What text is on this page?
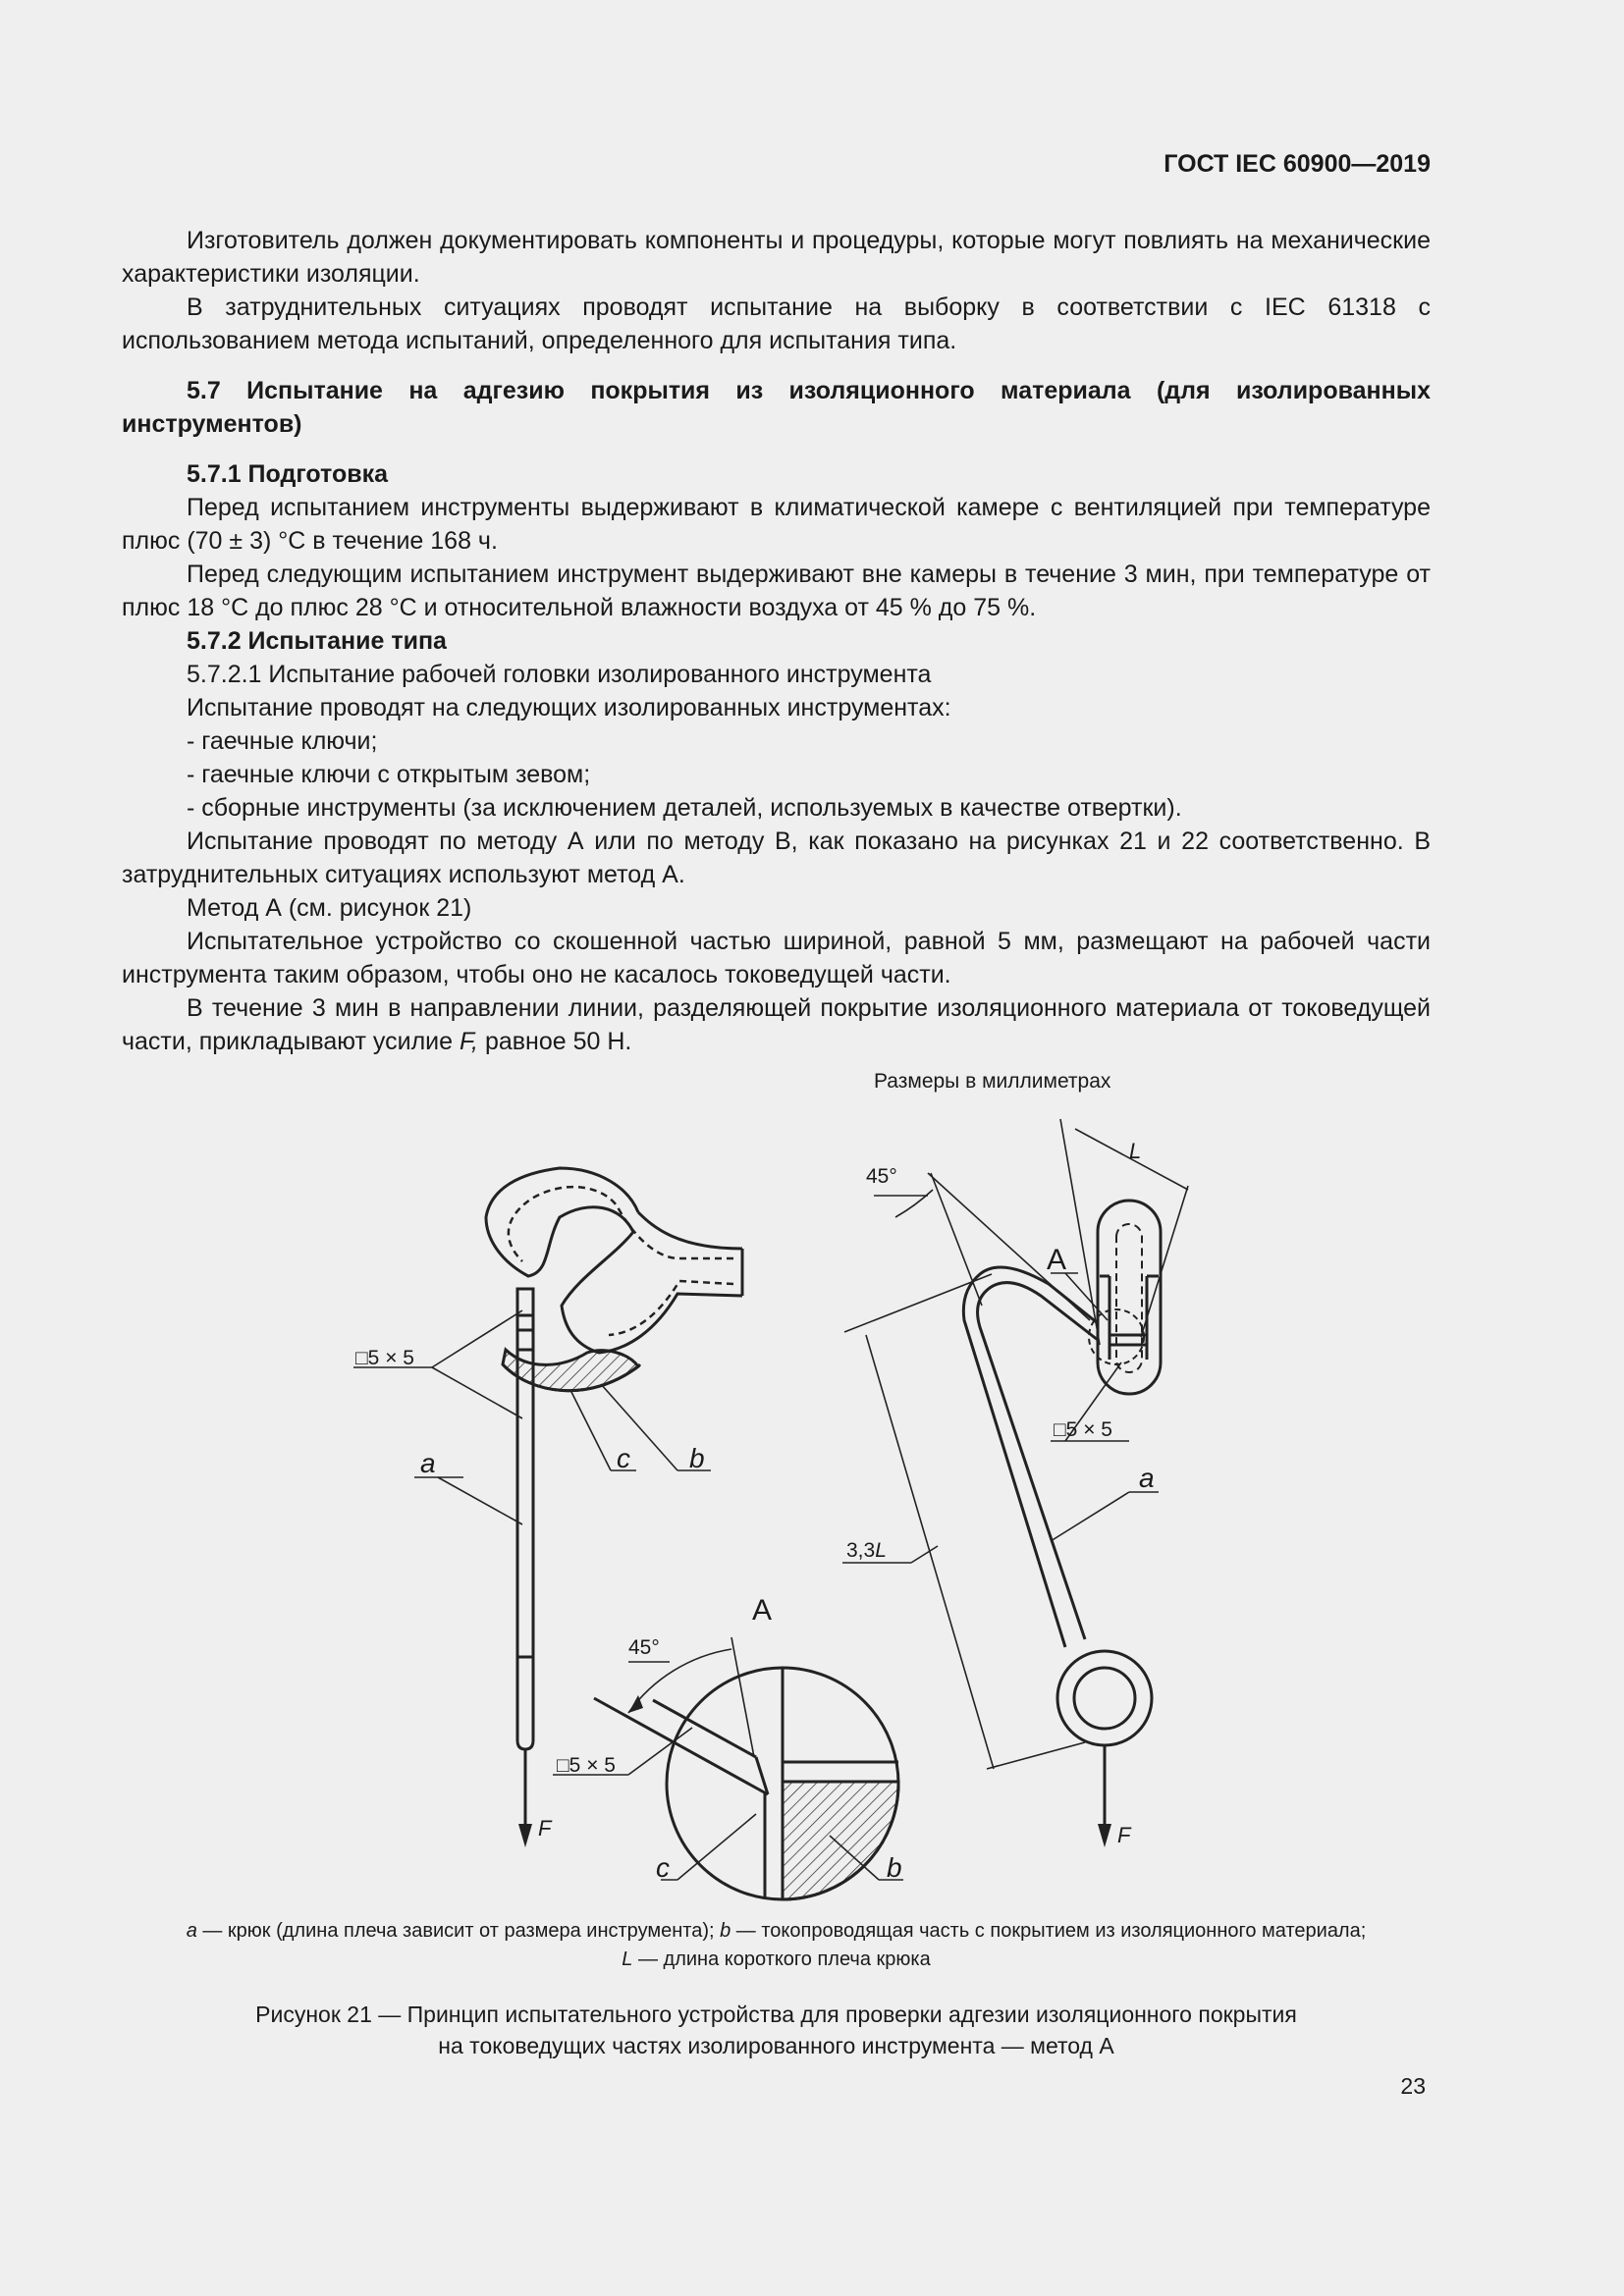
ГОСТ IEC 60900—2019

Изготовитель должен документировать компоненты и процедуры, которые могут повлиять на механические характеристики изоляции.

В затруднительных ситуациях проводят испытание на выборку в соответствии с IEC 61318 с использованием метода испытаний, определенного для испытания типа.

5.7 Испытание на адгезию покрытия из изоляционного материала (для изолированных инструментов)

5.7.1 Подготовка

Перед испытанием инструменты выдерживают в климатической камере с вентиляцией при температуре плюс (70 ± 3) °С в течение 168 ч.

Перед следующим испытанием инструмент выдерживают вне камеры в течение 3 мин, при температуре от плюс 18 °С до плюс 28 °С и относительной влажности воздуха от 45 % до 75 %.

5.7.2 Испытание типа

5.7.2.1 Испытание рабочей головки изолированного инструмента

Испытание проводят на следующих изолированных инструментах:

- гаечные ключи;

- гаечные ключи с открытым зевом;

- сборные инструменты (за исключением деталей, используемых в качестве отвертки).

Испытание проводят по методу А или по методу В, как показано на рисунках 21 и 22 соответственно. В затруднительных ситуациях используют метод А.

Метод А (см. рисунок 21)

Испытательное устройство со скошенной частью шириной, равной 5 мм, размещают на рабочей части инструмента таким образом, чтобы оно не касалось токоведущей части.

В течение 3 мин в направлении линии, разделяющей покрытие изоляционного материала от токоведущей части, прикладывают усилие F, равное 50 Н.

Размеры в миллиметрах
F
□5 × 5
a	c b
45°
A
□5 × 5
c	b
F
45°
L
A
□5 × 5
a
3,3L
a — крюк (длина плеча зависит от размера инструмента); b — токопроводящая часть с покрытием из изоляционного материала;
L — длина короткого плеча крюка
Рисунок 21 — Принцип испытательного устройства для проверки адгезии изоляционного покрытия
на токоведущих частях изолированного инструмента — метод А
23
